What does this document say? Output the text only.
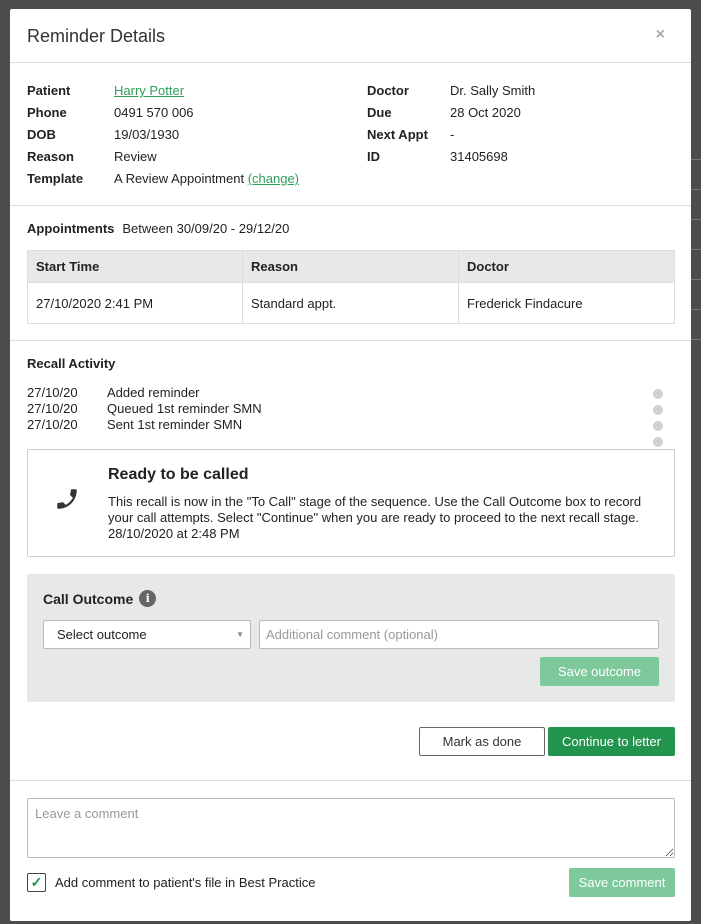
Reminder Details	×
Patient	Harry Potter
Phone	0491 570 006
DOB	19/03/1930
Reason	Review
Template	A Review Appointment
(change)
Doctor	Dr. Sally Smith
Due	28 Oct 2020
Next Appt	-
ID	31405698
Appointments Between 30/09/20 - 29/12/20
Start Time	Reason	Doctor
27/10/2020 2:41 PM	Standard appt.	Frederick Findacure
Recall Activity
27/10/20	Added reminder
27/10/20	Queued 1st reminder SMN
27/10/20	Sent 1st reminder SMN
Ready to be called
This recall is now in the "To Call" stage of the sequence. Use the Call Outcome box to record your call attempts. Select "Continue" when you are ready to proceed to the next recall stage.
28/10/2020 at 2:48 PM
Call Outcome	i
Select outcome	▼
Additional comment (optional)
Save outcome
Mark as done	Continue to letter
Leave a comment
✓ Add comment to patient's file in Best Practice	Save comment
